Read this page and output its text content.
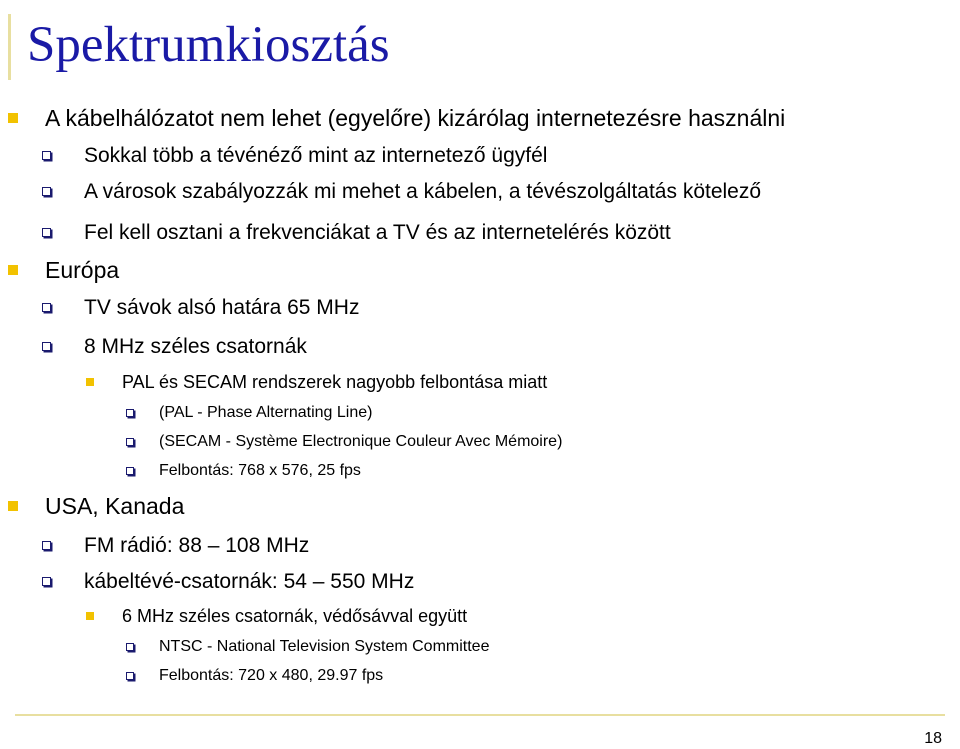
Spektrumkiosztás
A kábelhálózatot nem lehet (egyelőre) kizárólag internetezésre használni
Sokkal több a tévénéző mint az internetező ügyfél
A városok szabályozzák mi mehet a kábelen, a tévészolgáltatás kötelező
Fel kell osztani a frekvenciákat a TV és az internetelérés között
Európa
TV sávok alsó határa 65 MHz
8 MHz széles csatornák
PAL és SECAM rendszerek nagyobb felbontása miatt
(PAL - Phase Alternating Line)
(SECAM - Système Electronique Couleur Avec Mémoire)
Felbontás: 768 x 576, 25 fps
USA, Kanada
FM rádió: 88 – 108 MHz
kábeltévé-csatornák: 54 – 550 MHz
6 MHz széles csatornák, védősávval együtt
NTSC - National Television System Committee
Felbontás: 720 x 480, 29.97 fps
18
